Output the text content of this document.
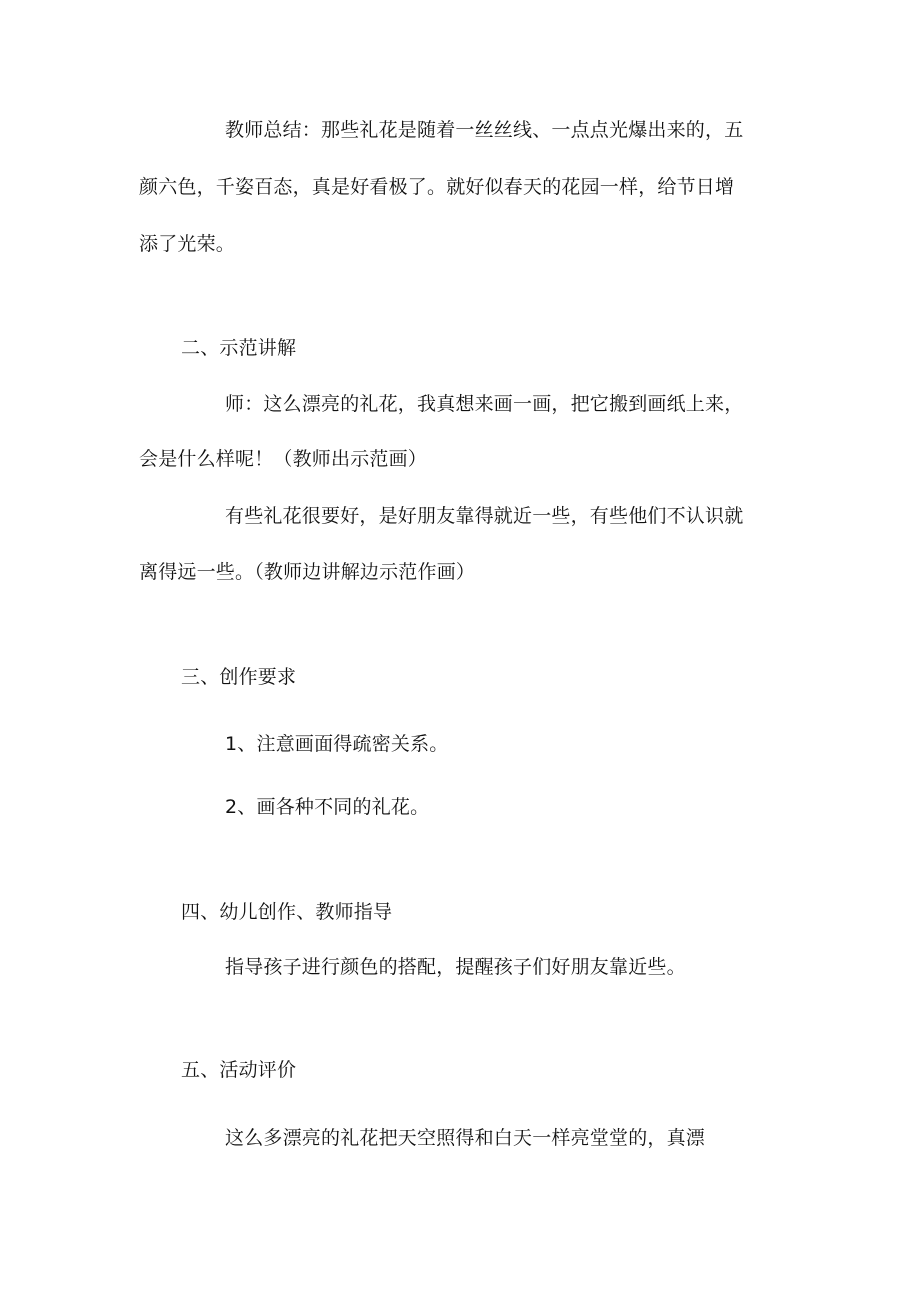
教师总结：那些礼花是随着一丝丝线、一点点光爆出来的，五
颜六色，千姿百态，真是好看极了。就好似春天的花园一样，给节日增
添了光荣。
二、示范讲解
师：这么漂亮的礼花，我真想来画一画，把它搬到画纸上来，
会是什么样呢！（教师出示范画）
有些礼花很要好，是好朋友靠得就近一些，有些他们不认识就
离得远一些。（教师边讲解边示范作画）
三、创作要求
1、注意画面得疏密关系。
2、画各种不同的礼花。
四、幼儿创作、教师指导
指导孩子进行颜色的搭配，提醒孩子们好朋友靠近些。
五、活动评价
这么多漂亮的礼花把天空照得和白天一样亮堂堂的，真漂
